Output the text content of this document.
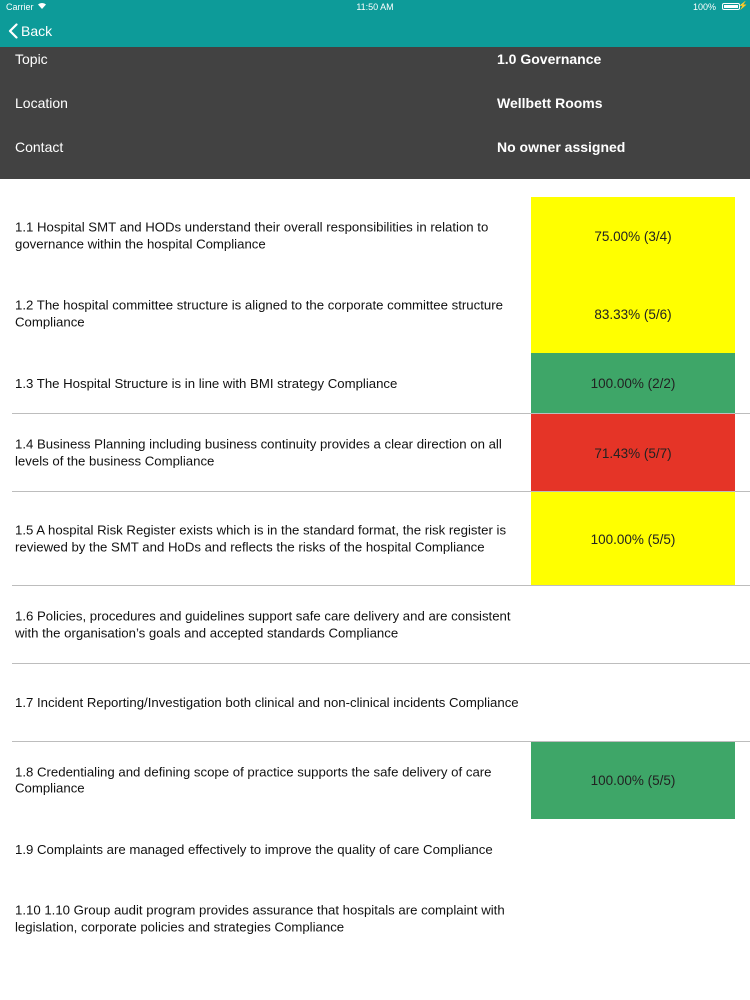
Carrier	11:50 AM	100%	⚡
Back
Topic	1.0 Governance
Location	Wellbett Rooms
Contact	No owner assigned
1.1 Hospital SMT and HODs understand their overall responsibilities in relation to governance within the hospital Compliance	75.00% (3/4)
1.2 The hospital committee structure is aligned to the corporate committee structure Compliance	83.33% (5/6)
1.3 The Hospital Structure is in line with BMI strategy Compliance	100.00% (2/2)
1.4 Business Planning including business continuity provides a clear direction on all levels of the business Compliance	71.43% (5/7)
1.5 A hospital Risk Register exists which is in the standard format, the risk register is reviewed by the SMT and HoDs and reflects the risks of the hospital Compliance	100.00% (5/5)
1.6 Policies, procedures and guidelines support safe care delivery and are consistent with the organisation’s goals and accepted standards Compliance
1.7 Incident Reporting/Investigation both clinical and non-clinical incidents Compliance
1.8 Credentialing and defining scope of practice supports the safe delivery of care Compliance	100.00% (5/5)
1.9 Complaints are managed effectively to improve the quality of care Compliance
1.10 1.10 Group audit program provides assurance that hospitals are complaint with legislation, corporate policies and strategies Compliance
